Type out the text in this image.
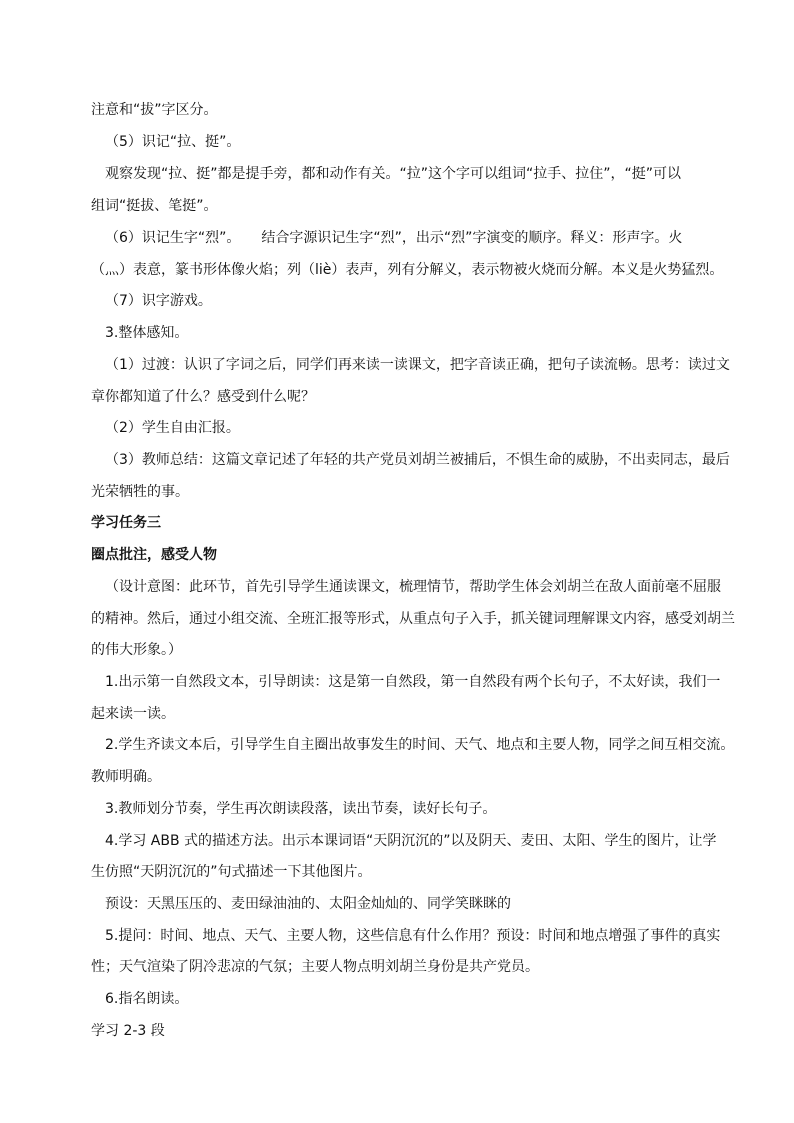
注意和“拔”字区分。
（5）识记“拉、挺”。
观察发现“拉、挺”都是提手旁，都和动作有关。“拉”这个字可以组词“拉手、拉住”，“挺”可以
组词“挺拔、笔挺”。
（6）识记生字“烈”。　　结合字源识记生字“烈”，出示“烈”字演变的顺序。释义：形声字。火
（灬）表意，篆书形体像火焰；列（liè）表声，列有分解义，表示物被火烧而分解。本义是火势猛烈。
（7）识字游戏。
3.整体感知。
（1）过渡：认识了字词之后，同学们再来读一读课文，把字音读正确，把句子读流畅。思考：读过文
章你都知道了什么？感受到什么呢？
（2）学生自由汇报。
（3）教师总结：这篇文章记述了年轻的共产党员刘胡兰被捕后，不惧生命的威胁，不出卖同志，最后
光荣牺牲的事。
学习任务三
圈点批注，感受人物
（设计意图：此环节，首先引导学生通读课文，梳理情节，帮助学生体会刘胡兰在敌人面前毫不屈服
的精神。然后，通过小组交流、全班汇报等形式，从重点句子入手，抓关键词理解课文内容，感受刘胡兰
的伟大形象。）
1.出示第一自然段文本，引导朗读：这是第一自然段，第一自然段有两个长句子，不太好读，我们一
起来读一读。
2.学生齐读文本后，引导学生自主圈出故事发生的时间、天气、地点和主要人物，同学之间互相交流。
教师明确。
3.教师划分节奏，学生再次朗读段落，读出节奏，读好长句子。
4.学习 ABB 式的描述方法。出示本课词语“天阴沉沉的”以及阴天、麦田、太阳、学生的图片，让学
生仿照“天阴沉沉的”句式描述一下其他图片。
预设：天黑压压的、麦田绿油油的、太阳金灿灿的、同学笑眯眯的
5.提问：时间、地点、天气、主要人物，这些信息有什么作用？预设：时间和地点增强了事件的真实
性；天气渲染了阴冷悲凉的气氛；主要人物点明刘胡兰身份是共产党员。
6.指名朗读。
学习 2-3 段
